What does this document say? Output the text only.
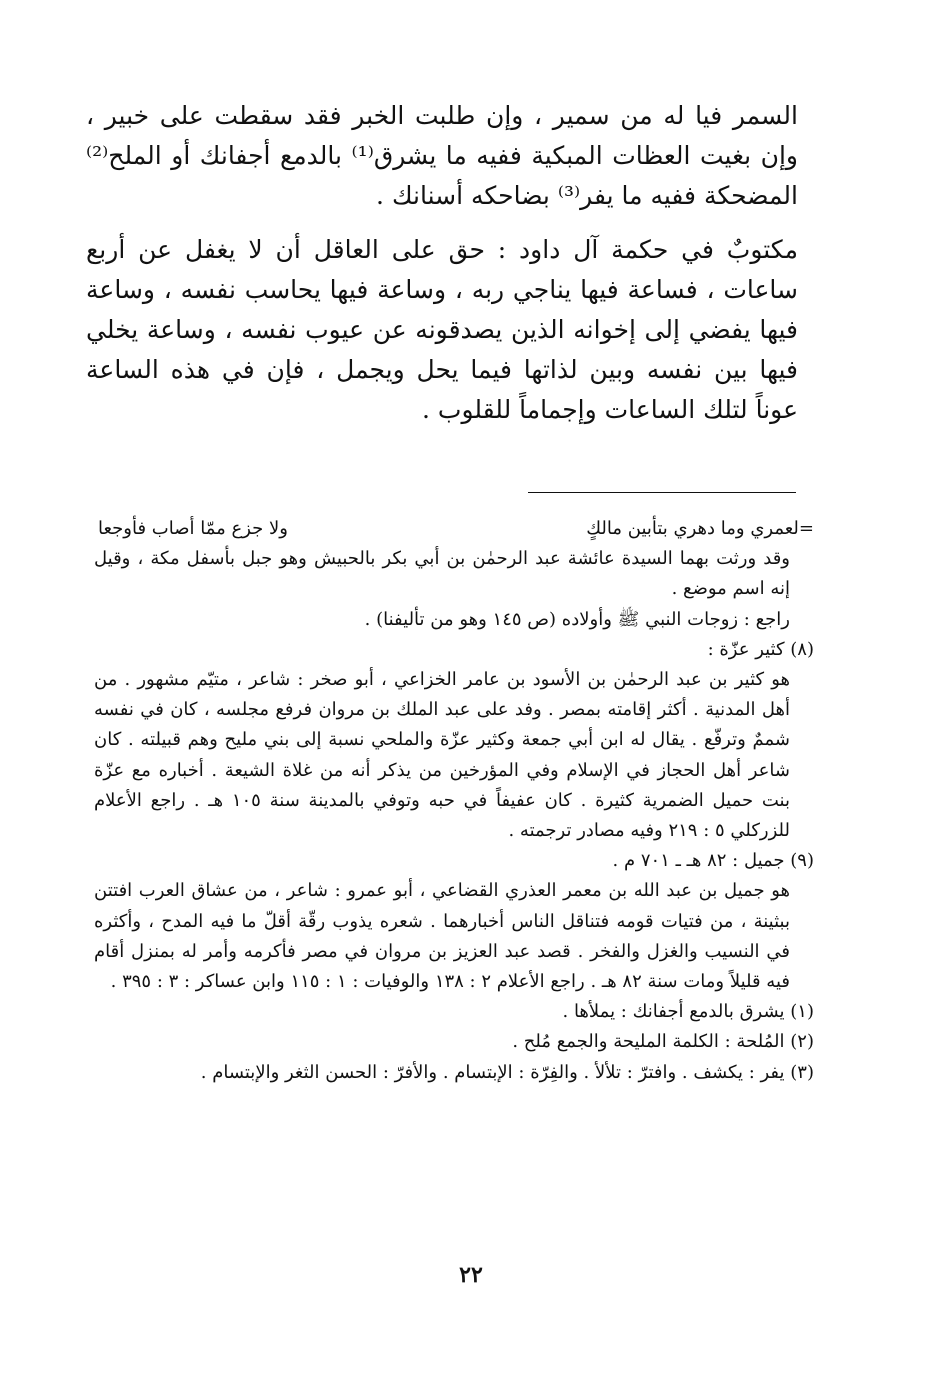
السمر فيا له من سمير ، وإن طلبت الخبر فقد سقطت على خبير ، وإن بغيت العظات المبكية ففيه ما يشرق⁽¹⁾ بالدمع أجفانك أو الملح⁽²⁾ المضحكة ففيه ما يفر⁽³⁾ بضاحكه أسنانك .

مكتوبٌ في حكمة آل داود : حق على العاقل أن لا يغفل عن أربع ساعات ، فساعة فيها يناجي ربه ، وساعة فيها يحاسب نفسه ، وساعة فيها يفضي إلى إخوانه الذين يصدقونه عن عيوب نفسه ، وساعة يخلي فيها بين نفسه وبين لذاتها فيما يحل ويجمل ، فإن في هذه الساعة عوناً لتلك الساعات وإجماماً للقلوب .

=لعمري وما دهري بتأبين مالكٍ
ولا جزع ممّا أصاب فأوجعا

وقد ورثت بهما السيدة عائشة عبد الرحمٰن بن أبي بكر بالحبيش وهو جبل بأسفل مكة ، وقيل إنه اسم موضع .

راجع : زوجات النبي ﷺ وأولاده (ص ١٤٥ وهو من تأليفنا) .

(٨) كثير عزّة :

هو كثير بن عبد الرحمٰن بن الأسود بن عامر الخزاعي ، أبو صخر : شاعر ، متيّم مشهور . من أهل المدنية . أكثر إقامته بمصر . وفد على عبد الملك بن مروان فرفع مجلسه ، كان في نفسه شممٌ وترفّع . يقال له ابن أبي جمعة وكثير عزّة والملحي نسبة إلى بني مليح وهم قبيلته . كان شاعر أهل الحجاز في الإسلام وفي المؤرخين من يذكر أنه من غلاة الشيعة . أخباره مع عزّة بنت حميل الضمرية كثيرة . كان عفيفاً في حبه وتوفي بالمدينة سنة ١٠٥ هـ . راجع الأعلام للزركلي ٥ : ٢١٩ وفيه مصادر ترجمته .

(٩) جميل : ٨٢ هـ ـ ٧٠١ م .

هو جميل بن عبد الله بن معمر العذري القضاعي ، أبو عمرو : شاعر ، من عشاق العرب افتتن ببثينة ، من فتيات قومه فتناقل الناس أخبارهما . شعره يذوب رقّة أقلّ ما فيه المدح ، وأكثره في النسيب والغزل والفخر . قصد عبد العزيز بن مروان في مصر فأكرمه وأمر له بمنزل أقام فيه قليلاً ومات سنة ٨٢ هـ . راجع الأعلام ٢ : ١٣٨ والوفيات : ١ : ١١٥ وابن عساكر : ٣ : ٣٩٥ .

(١) يشرق بالدمع أجفانك : يملأها .

(٢) المُلحة : الكلمة المليحة والجمع مُلح .

(٣) يفر : يكشف . وافترّ : تلألأ . والفِرّة : الإبتسام . والأفرّ : الحسن الثغر والإبتسام .

٢٢
